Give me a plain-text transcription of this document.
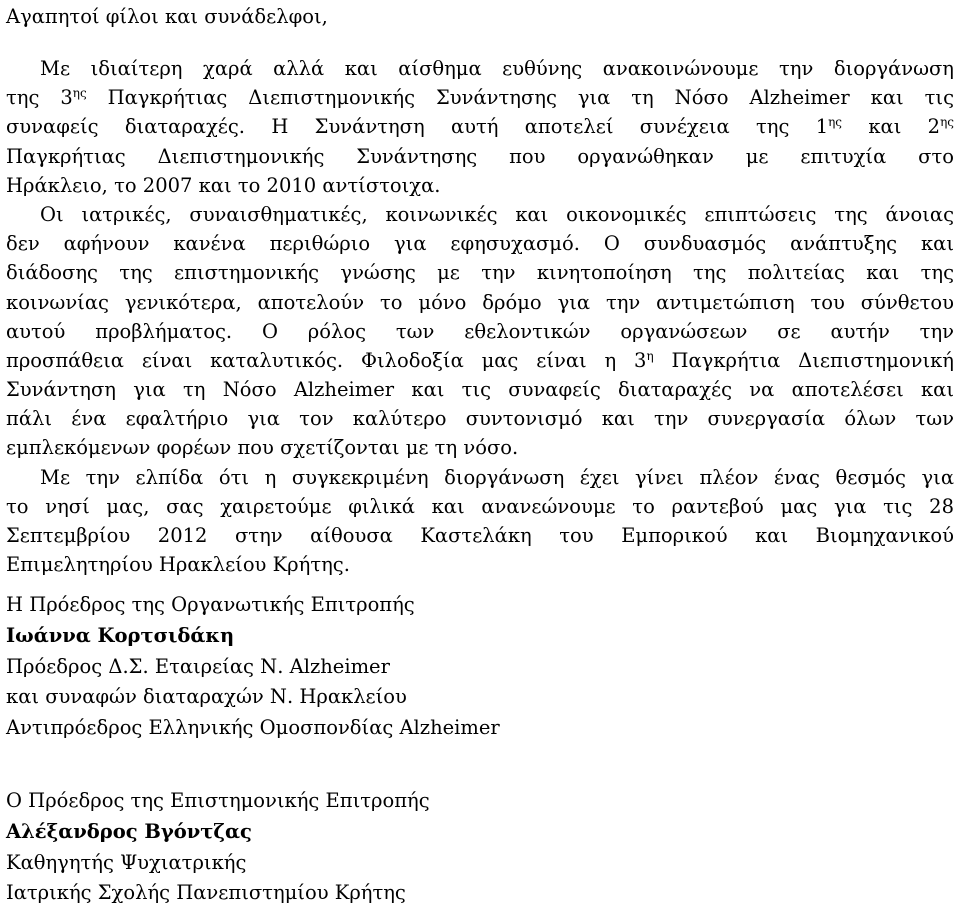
Αγαπητοί φίλοι και συνάδελφοι,

Με ιδιαίτερη χαρά αλλά και αίσθημα ευθύνης ανακοινώνουμε την διοργάνωση
της $3^{\eta\varsigma}$ Παγκρήτιας Διεπιστημονικής Συνάντησης για τη Νόσο Alzheimer και τις
συναφείς διαταραχές. Η Συνάντηση αυτή αποτελεί συνέχεια της $1^{\eta\varsigma}$ και $2^{\eta\varsigma}$
Παγκρήτιας Διεπιστημονικής Συνάντησης που οργανώθηκαν με επιτυχία στο
Ηράκλειο, το 2007 και το 2010 αντίστοιχα.
Οι ιατρικές, συναισθηματικές, κοινωνικές και οικονομικές επιπτώσεις της άνοιας
δεν αφήνουν κανένα περιθώριο για εφησυχασμό. Ο συνδυασμός ανάπτυξης και
διάδοσης της επιστημονικής γνώσης με την κινητοποίηση της πολιτείας και της
κοινωνίας γενικότερα, αποτελούν το μόνο δρόμο για την αντιμετώπιση του σύνθετου
αυτού προβλήματος. Ο ρόλος των εθελοντικών οργανώσεων σε αυτήν την
προσπάθεια είναι καταλυτικός. Φιλοδοξία μας είναι η $3^\eta$ Παγκρήτια Διεπιστημονική
Συνάντηση για τη Νόσο Alzheimer και τις συναφείς διαταραχές να αποτελέσει και
πάλι ένα εφαλτήριο για τον καλύτερο συντονισμό και την συνεργασία όλων των
εμπλεκόμενων φορέων που σχετίζονται με τη νόσο.
Με την ελπίδα ότι η συγκεκριμένη διοργάνωση έχει γίνει πλέον ένας θεσμός για
το νησί μας, σας χαιρετούμε φιλικά και ανανεώνουμε το ραντεβού μας για τις 28
Σεπτεμβρίου 2012 στην αίθουσα Καστελάκη του Εμπορικού και Βιομηχανικού
Επιμελητηρίου Ηρακλείου Κρήτης.
Η Πρόεδρος της Οργανωτικής Επιτροπής
Ιωάννα Κορτσιδάκη
Πρόεδρος Δ.Σ. Εταιρείας Ν. Alzheimer
και συναφών διαταραχών Ν. Ηρακλείου
Αντιπρόεδρος Ελληνικής Ομοσπονδίας Alzheimer
Ο Πρόεδρος της Επιστημονικής Επιτροπής
Αλέξανδρος Βγόντζας
Καθηγητής Ψυχιατρικής
Ιατρικής Σχολής Πανεπιστημίου Κρήτης
